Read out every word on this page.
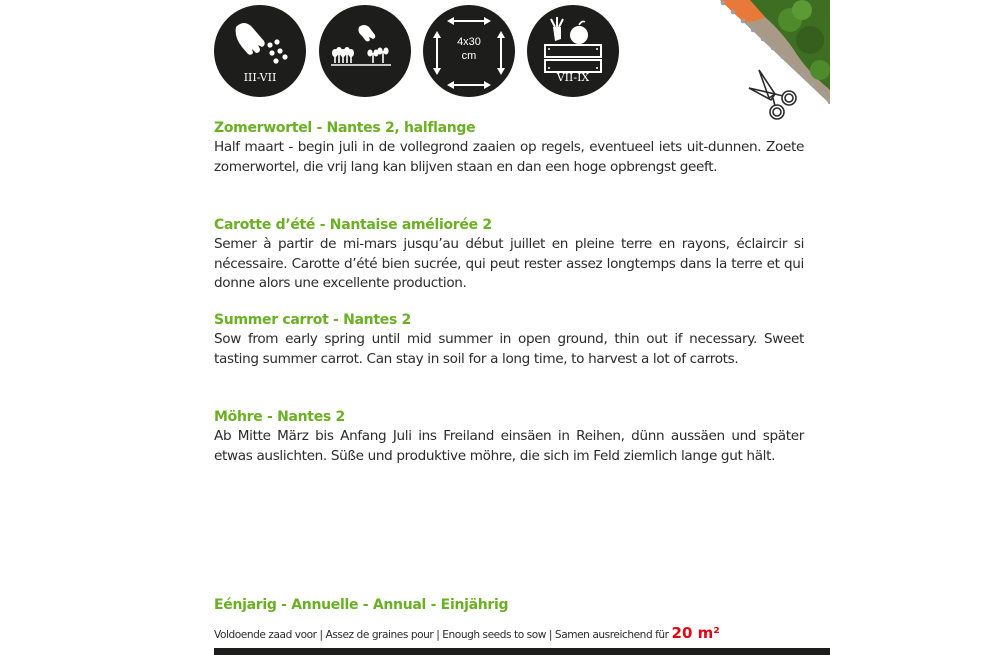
III-VII
4x30
cm
VII-IX
Zomerwortel - Nantes 2, halflange
Half maart - begin juli in de vollegrond zaaien op regels, eventueel iets uit-dunnen. Zoete zomerwortel, die vrij lang kan blijven staan en dan een hoge opbrengst geeft.
Carotte d’été - Nantaise améliorée 2
Semer à partir de mi-mars jusqu’au début juillet en pleine terre en rayons, éclaircir si nécessaire. Carotte d’été bien sucrée, qui peut rester assez longtemps dans la terre et qui donne alors une excellente production.
Summer carrot - Nantes 2
Sow from early spring until mid summer in open ground, thin out if necessary. Sweet tasting summer carrot. Can stay in soil for a long time, to harvest a lot of carrots.
Möhre - Nantes 2
Ab Mitte März bis Anfang Juli ins Freiland einsäen in Reihen, dünn aussäen und später etwas auslichten. Süße und produktive möhre, die sich im Feld ziemlich lange gut hält.
Eénjarig - Annuelle - Annual - Einjährig
Voldoende zaad voor | Assez de graines pour | Enough seeds to sow | Samen ausreichend für 20 m²
